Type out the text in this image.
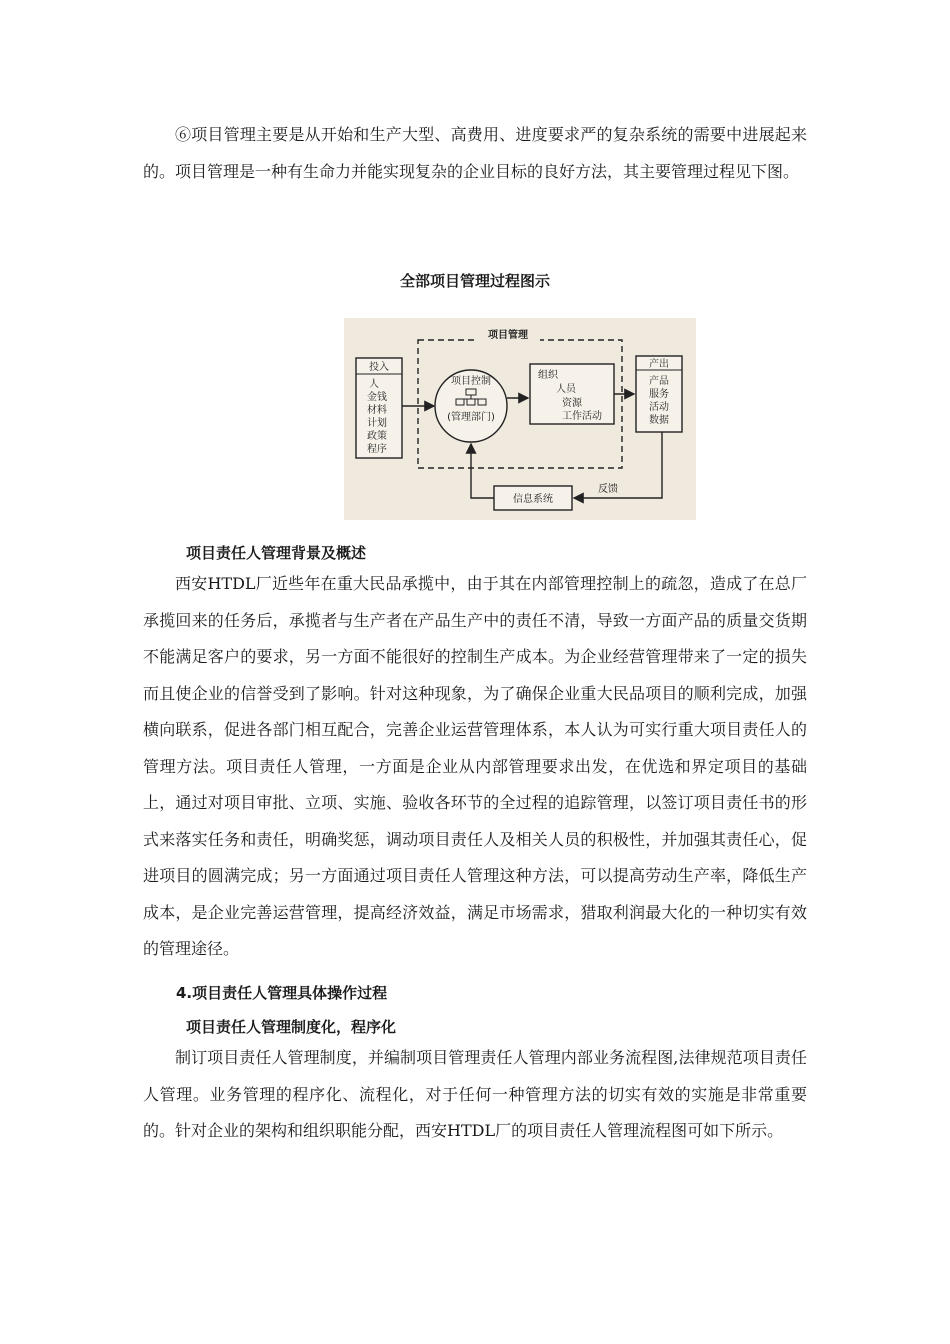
⑥项目管理主要是从开始和生产大型、高费用、进度要求严的复杂系统的需要中进展起来的。项目管理是一种有生命力并能实现复杂的企业目标的良好方法，其主要管理过程见下图。

全部项目管理过程图示

项目管理
投入
人
金钱
材料
计划
政策
程序
项目控制
(管理部门)
组织
人员
资源
工作活动
产出
产品
服务
活动
数据
反馈
信息系统

项目责任人管理背景及概述

西安HTDL厂近些年在重大民品承揽中，由于其在内部管理控制上的疏忽，造成了在总厂承揽回来的任务后，承揽者与生产者在产品生产中的责任不清，导致一方面产品的质量交货期不能满足客户的要求，另一方面不能很好的控制生产成本。为企业经营管理带来了一定的损失而且使企业的信誉受到了影响。针对这种现象，为了确保企业重大民品项目的顺利完成，加强横向联系，促进各部门相互配合，完善企业运营管理体系，本人认为可实行重大项目责任人的管理方法。项目责任人管理，一方面是企业从内部管理要求出发，在优选和界定项目的基础上，通过对项目审批、立项、实施、验收各环节的全过程的追踪管理，以签订项目责任书的形式来落实任务和责任，明确奖惩，调动项目责任人及相关人员的积极性，并加强其责任心，促进项目的圆满完成；另一方面通过项目责任人管理这种方法，可以提高劳动生产率，降低生产成本，是企业完善运营管理，提高经济效益，满足市场需求，猎取利润最大化的一种切实有效的管理途径。

4.项目责任人管理具体操作过程

项目责任人管理制度化，程序化

制订项目责任人管理制度，并编制项目管理责任人管理内部业务流程图,法律规范项目责任人管理。业务管理的程序化、流程化，对于任何一种管理方法的切实有效的实施是非常重要的。针对企业的架构和组织职能分配，西安HTDL厂的项目责任人管理流程图可如下所示。
